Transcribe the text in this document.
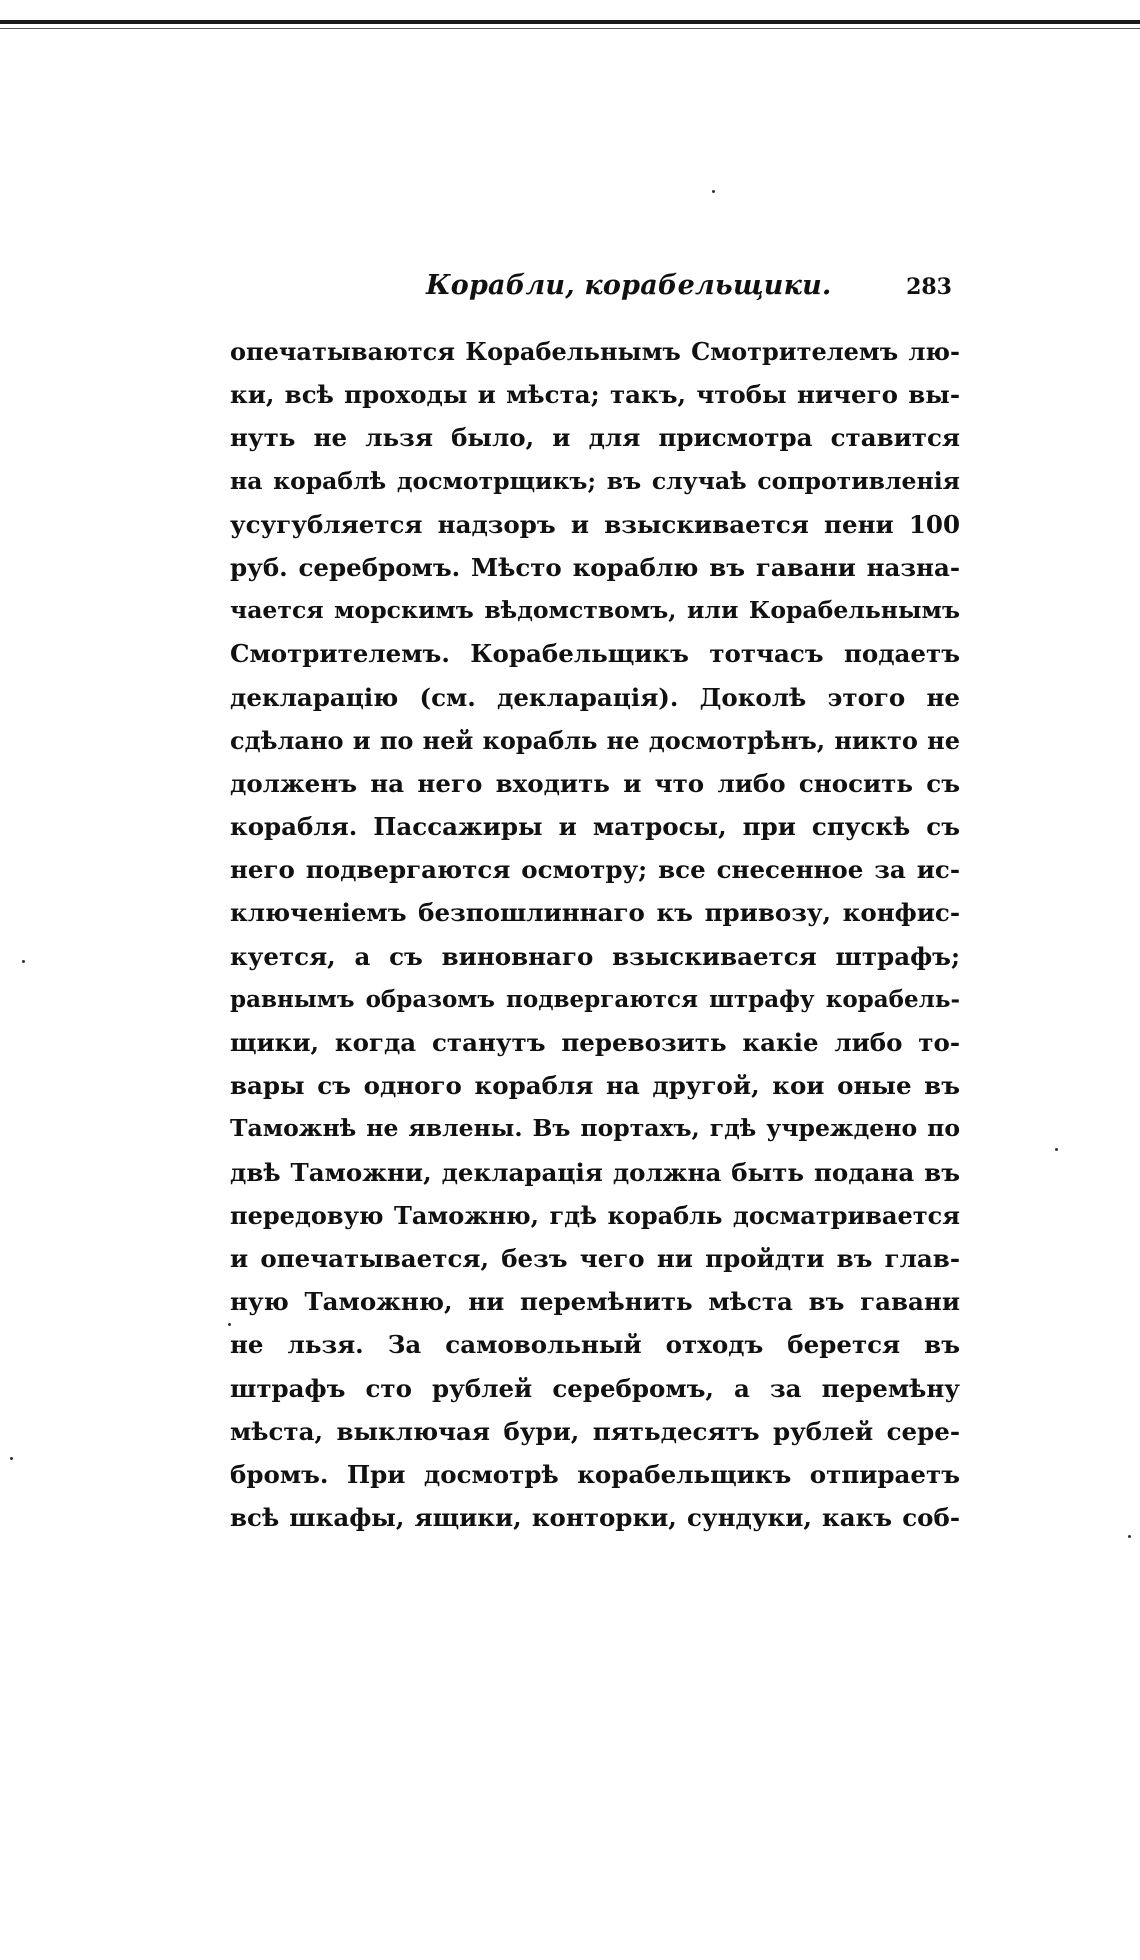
Корабли, корабельщики.	283
опечатываются Корабельнымъ Смотрителемъ лю-
ки, всѣ проходы и мѣста; такъ, чтобы ничего вы-
нуть не льзя было, и для присмотра ставится
на кораблѣ досмотрщикъ; въ случаѣ сопротивленія
усугубляется надзоръ и взыскивается пени 100
руб. серебромъ. Мѣсто кораблю въ гавани назна-
чается морскимъ вѣдомствомъ, или Корабельнымъ
Смотрителемъ. Корабельщикъ тотчасъ подаетъ
декларацію (см. декларація). Доколѣ этого не
сдѣлано и по ней корабль не досмотрѣнъ, никто не
долженъ на него входить и что либо сносить съ
корабля. Пассажиры и матросы, при спускѣ съ
него подвергаются осмотру; все снесенное за ис-
ключеніемъ безпошлиннаго къ привозу, конфис-
куется, а съ виновнаго взыскивается штрафъ;
равнымъ образомъ подвергаются штрафу корабель-
щики, когда станутъ перевозить какіе либо то-
вары съ одного корабля на другой, кои оные въ
Таможнѣ не явлены. Въ портахъ, гдѣ учреждено по
двѣ Таможни, декларація должна быть подана въ
передовую Таможню, гдѣ корабль досматривается
и опечатывается, безъ чего ни пройдти въ глав-
ную Таможню, ни перемѣнить мѣста въ гавани
не льзя. За самовольный отходъ берется въ
штрафъ сто рублей серебромъ, а за перемѣну
мѣста, выключая бури, пятьдесятъ рублей сере-
бромъ. При досмотрѣ корабельщикъ отпираетъ
всѣ шкафы, ящики, конторки, сундуки, какъ соб-
